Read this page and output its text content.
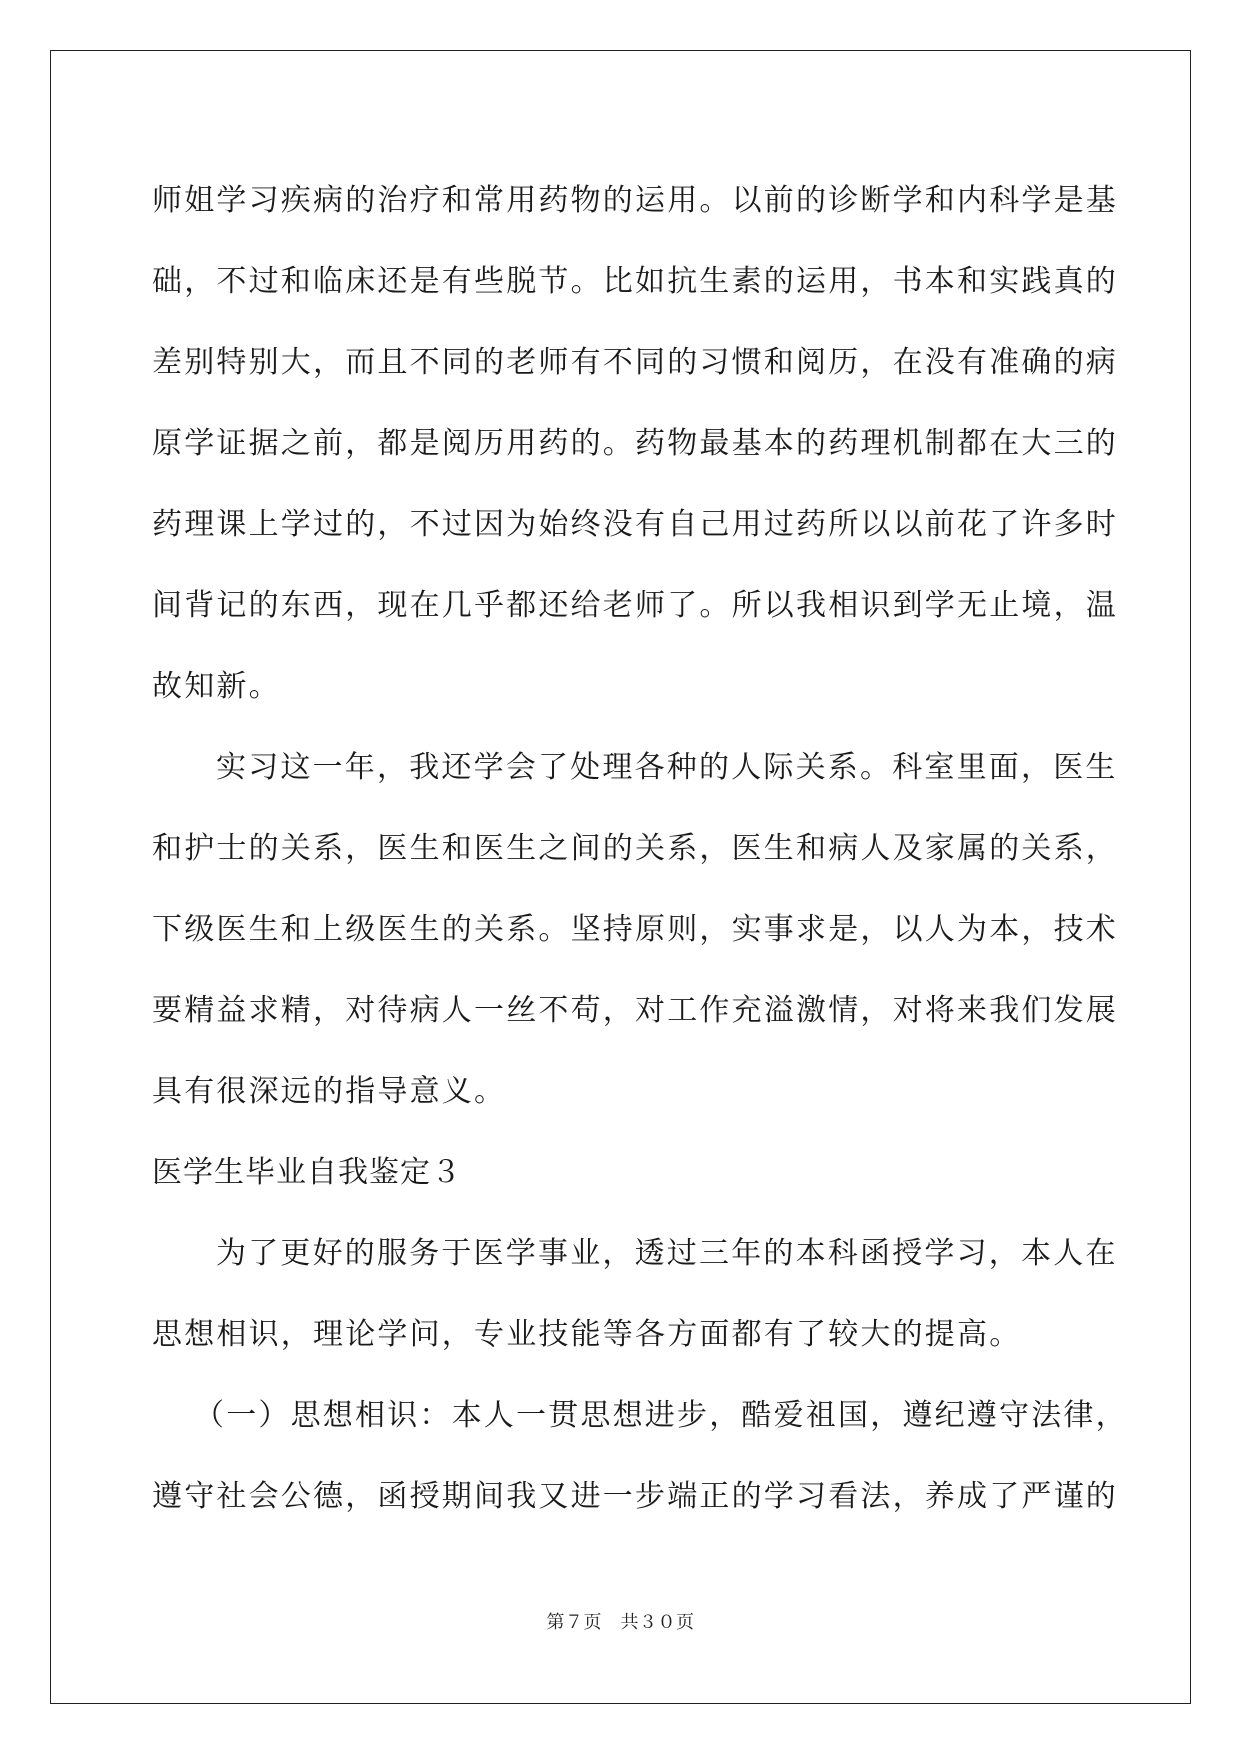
师姐学习疾病的治疗和常用药物的运用。以前的诊断学和内科学是基
础，不过和临床还是有些脱节。比如抗生素的运用，书本和实践真的
差别特别大，而且不同的老师有不同的习惯和阅历，在没有准确的病
原学证据之前，都是阅历用药的。药物最基本的药理机制都在大三的
药理课上学过的，不过因为始终没有自己用过药所以以前花了许多时
间背记的东西，现在几乎都还给老师了。所以我相识到学无止境，温
故知新。
实习这一年，我还学会了处理各种的人际关系。科室里面，医生
和护士的关系，医生和医生之间的关系，医生和病人及家属的关系，
下级医生和上级医生的关系。坚持原则，实事求是，以人为本，技术
要精益求精，对待病人一丝不苟，对工作充溢激情，对将来我们发展
具有很深远的指导意义。
医学生毕业自我鉴定３
为了更好的服务于医学事业，透过三年的本科函授学习，本人在
思想相识，理论学问，专业技能等各方面都有了较大的提高。
（一）思想相识：本人一贯思想进步，酷爱祖国，遵纪遵守法律，
遵守社会公德，函授期间我又进一步端正的学习看法，养成了严谨的
第７页　共３０页
